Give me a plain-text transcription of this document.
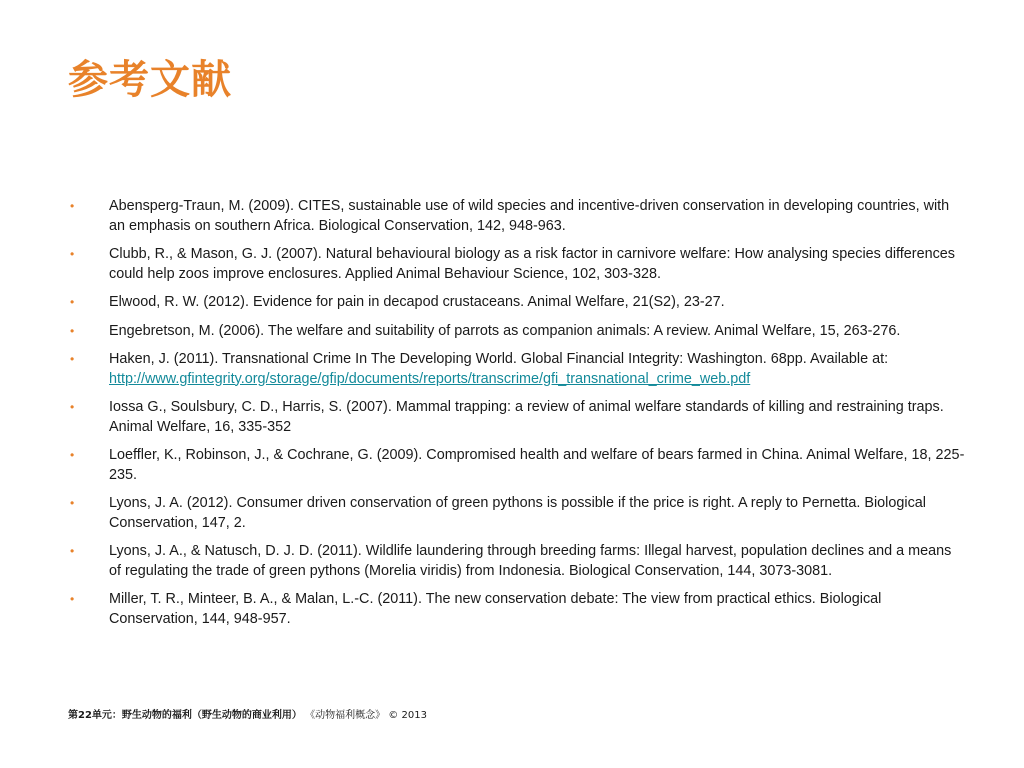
参考文献
• Abensperg-Traun, M. (2009). CITES, sustainable use of wild species and incentive-driven conservation in developing countries, with an emphasis on southern Africa. Biological Conservation, 142, 948-963.
• Clubb, R., & Mason, G. J. (2007). Natural behavioural biology as a risk factor in carnivore welfare: How analysing species differences could help zoos improve enclosures. Applied Animal Behaviour Science, 102, 303-328.
• Elwood, R. W. (2012). Evidence for pain in decapod crustaceans. Animal Welfare, 21(S2), 23-27.
• Engebretson, M. (2006). The welfare and suitability of parrots as companion animals: A review. Animal Welfare, 15, 263-276.
• Haken, J. (2011). Transnational Crime In The Developing World. Global Financial Integrity: Washington. 68pp. Available at:
http://www.gfintegrity.org/storage/gfip/documents/reports/transcrime/gfi_transnational_crime_web.pdf
• Iossa G., Soulsbury, C. D., Harris, S. (2007). Mammal trapping: a review of animal welfare standards of killing and restraining traps. Animal Welfare, 16, 335-352
• Loeffler, K., Robinson, J., & Cochrane, G. (2009). Compromised health and welfare of bears farmed in China. Animal Welfare, 18, 225-235.
• Lyons, J. A. (2012). Consumer driven conservation of green pythons is possible if the price is right. A reply to Pernetta. Biological Conservation, 147, 2.
• Lyons, J. A., & Natusch, D. J. D. (2011). Wildlife laundering through breeding farms: Illegal harvest, population declines and a means of regulating the trade of green pythons (Morelia viridis) from Indonesia. Biological Conservation, 144, 3073-3081.
• Miller, T. R., Minteer, B. A., & Malan, L.-C. (2011). The new conservation debate: The view from practical ethics. Biological Conservation, 144, 948-957.
第22单元：野生动物的福利（野生动物的商业利用） 《动物福利概念》 © 2013
